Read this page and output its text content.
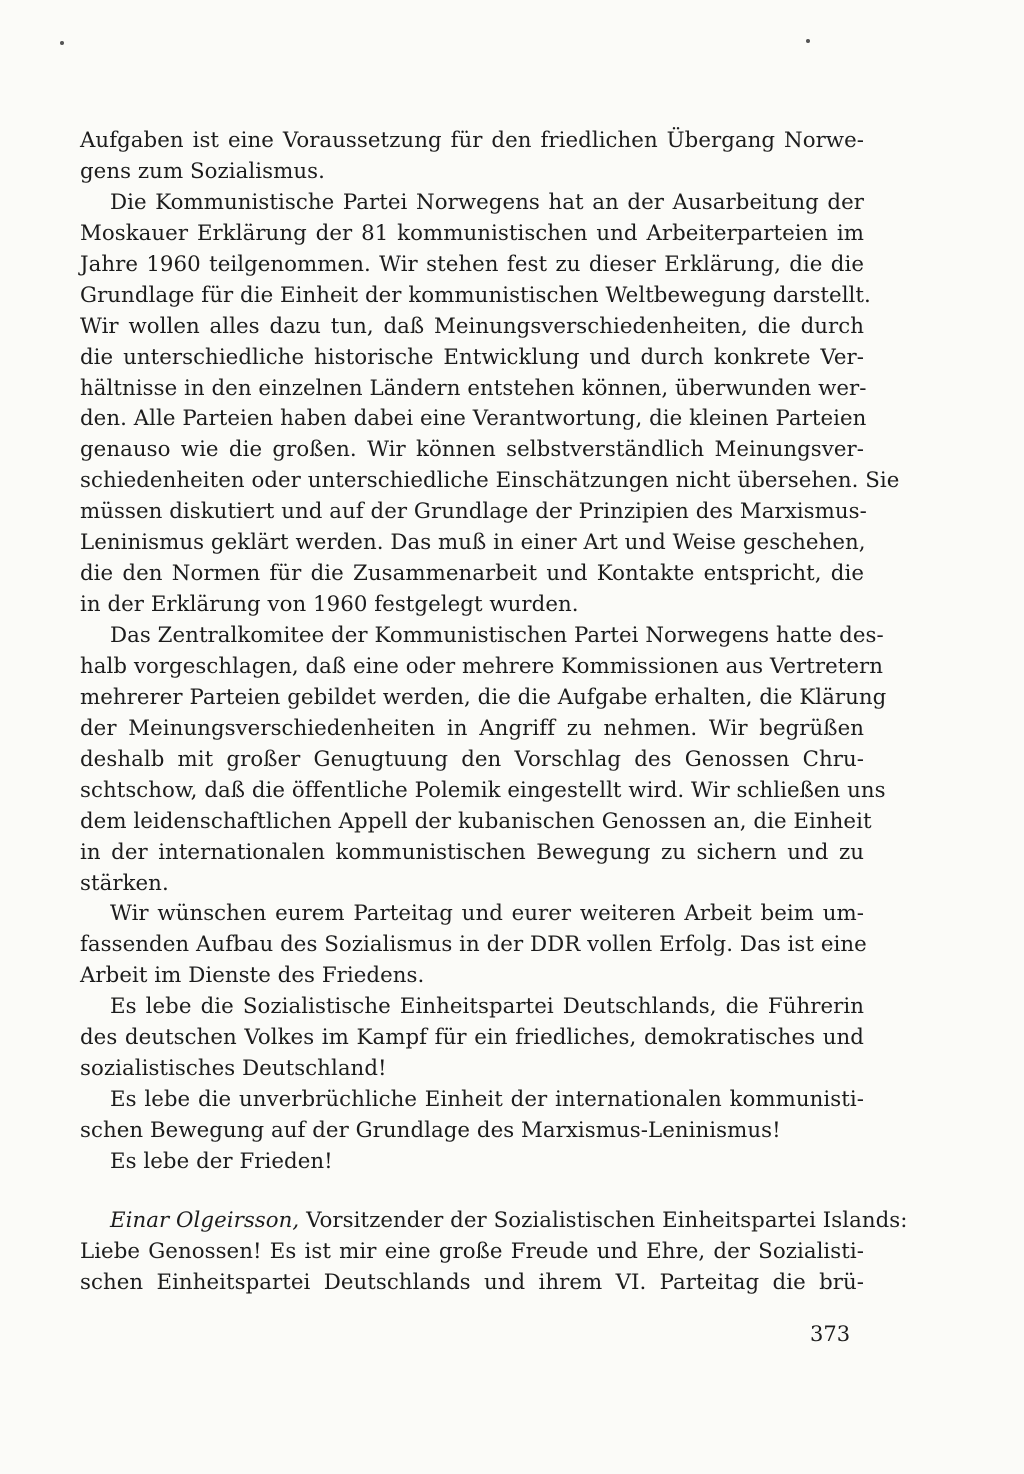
Aufgaben ist eine Voraussetzung für den friedlichen Übergang Norwe-
gens zum Sozialismus.
Die Kommunistische Partei Norwegens hat an der Ausarbeitung der
Moskauer Erklärung der 81 kommunistischen und Arbeiterparteien im
Jahre 1960 teilgenommen. Wir stehen fest zu dieser Erklärung, die die
Grundlage für die Einheit der kommunistischen Weltbewegung darstellt.
Wir wollen alles dazu tun, daß Meinungsverschiedenheiten, die durch
die unterschiedliche historische Entwicklung und durch konkrete Ver-
hältnisse in den einzelnen Ländern entstehen können, überwunden wer-
den. Alle Parteien haben dabei eine Verantwortung, die kleinen Parteien
genauso wie die großen. Wir können selbstverständlich Meinungsver-
schiedenheiten oder unterschiedliche Einschätzungen nicht übersehen. Sie
müssen diskutiert und auf der Grundlage der Prinzipien des Marxismus-
Leninismus geklärt werden. Das muß in einer Art und Weise geschehen,
die den Normen für die Zusammenarbeit und Kontakte entspricht, die
in der Erklärung von 1960 festgelegt wurden.
Das Zentralkomitee der Kommunistischen Partei Norwegens hatte des-
halb vorgeschlagen, daß eine oder mehrere Kommissionen aus Vertretern
mehrerer Parteien gebildet werden, die die Aufgabe erhalten, die Klärung
der Meinungsverschiedenheiten in Angriff zu nehmen. Wir begrüßen
deshalb mit großer Genugtuung den Vorschlag des Genossen Chru-
schtschow, daß die öffentliche Polemik eingestellt wird. Wir schließen uns
dem leidenschaftlichen Appell der kubanischen Genossen an, die Einheit
in der internationalen kommunistischen Bewegung zu sichern und zu
stärken.
Wir wünschen eurem Parteitag und eurer weiteren Arbeit beim um-
fassenden Aufbau des Sozialismus in der DDR vollen Erfolg. Das ist eine
Arbeit im Dienste des Friedens.
Es lebe die Sozialistische Einheitspartei Deutschlands, die Führerin
des deutschen Volkes im Kampf für ein friedliches, demokratisches und
sozialistisches Deutschland!
Es lebe die unverbrüchliche Einheit der internationalen kommunisti-
schen Bewegung auf der Grundlage des Marxismus-Leninismus!
Es lebe der Frieden!
Einar Olgeirsson, Vorsitzender der Sozialistischen Einheitspartei Islands:
Liebe Genossen! Es ist mir eine große Freude und Ehre, der Sozialisti-
schen Einheitspartei Deutschlands und ihrem VI. Parteitag die brü-
373
